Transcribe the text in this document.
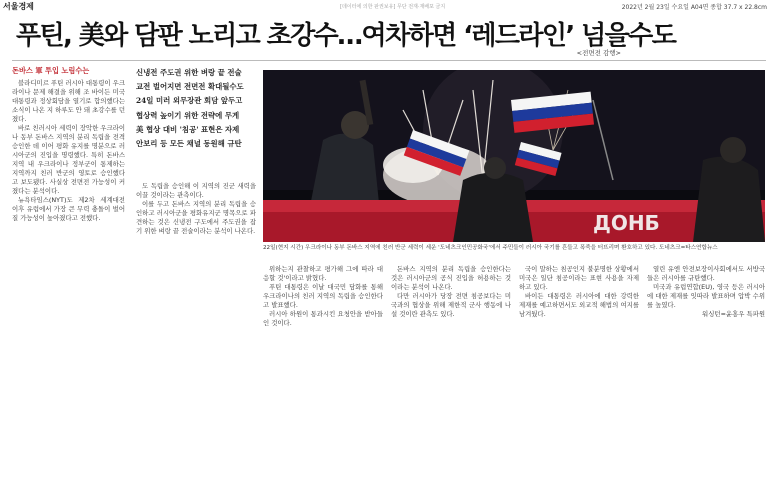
서울경제	[데이터에 의한 판권보유] 무단 전재·재배포 금지	2022년 2월 23일 수요일 A04면 종합 37.7 x 22.8cm
푸틴, 美와 담판 노리고 초강수…여차하면 ‘레드라인’ 넘을수도
<전면전 감행>

돈바스 軍 투입 노림수는

블라디미르 푸틴 러시아 대통령이 우크라이나 문제 해결을 위해 조 바이든 미국 대통령과 정상회담을 열기로 합의했다는 소식이 나온 지 하루도 안 돼 초강수를 던졌다.

바로 친러시아 세력이 장악한 우크라이나 동부 돈바스 지역의 분리 독립을 전격 승인한 데 이어 평화 유지를 명분으로 러시아군의 진입을 명령했다. 특히 돈바스 지역 내 우크라이나 정부군이 통제하는 지역까지 친러 반군의 영토로 승인했다고 보도됐다. 사실상 전면전 가능성이 커졌다는 분석이다.

뉴욕타임스(NYT)도 제2차 세계대전 이후 유럽에서 가장 큰 무력 충돌이 벌어질 가능성이 높아졌다고 전했다.

신냉전 주도권 위한 벼랑 끝 전술
교전 벌어지면 전면전 확대될수도
24일 미러 외무장관 회담 앞두고
협상력 높이기 위한 전략에 무게
美 협상 대비 '침공' 표현은 자제
안보리 등 모든 채널 동원해 규탄

도 독립을 승인해 이 지역의 진군 새력을 이끌 것이라는 관측이다.

이를 두고 돈바스 지역의 분리 독립을 승인하고 러시아군을 평화유지군 명목으로 파견하는 것은 신냉전 구도에서 주도권을 잡기 위한 벼랑 끝 전술이라는 분석이 나온다.	ДОНБ
22일(현지 시간) 우크라이나 동부 돈바스 지역에 친러 반군 세력이 세운 '도네츠크인민공화국'에서 주민들이 러시아 국기를 흔들고 폭죽을 터뜨리며 환호하고 있다. 도네츠크=타스연합뉴스

위하는지 관찰하고 평가해 그에 따라 대응할 것'이라고 밝혔다.

푸틴 대통령은 이날 대국민 담화를 통해 우크라이나의 친러 지역의 독립을 승인한다고 발표했다.

러시아 하원이 통과시킨 요청안을 받아들인 것이다.

돈바스 지역의 분리 독립을 승인한다는 것은 러시아군의 공식 진입을 허용하는 것이라는 분석이 나온다.

다만 러시아가 당장 전면 침공보다는 미국과의 협상을 위해 제한적 군사 행동에 나설 것이란 관측도 있다.

국이 말하는 침공인지 불분명한 상황에서 미국은 일단 침공이라는 표현 사용을 자제하고 있다.

바이든 대통령은 러시아에 대한 강력한 제재를 예고하면서도 외교적 해법의 여지를 남겨뒀다.

열린 유엔 안전보장이사회에서도 서방국들은 러시아를 규탄했다.

미국과 유럽연합(EU), 영국 등은 러시아에 대한 제재를 잇따라 발표하며 압박 수위를 높였다.

워싱턴=윤홍우 특파원
